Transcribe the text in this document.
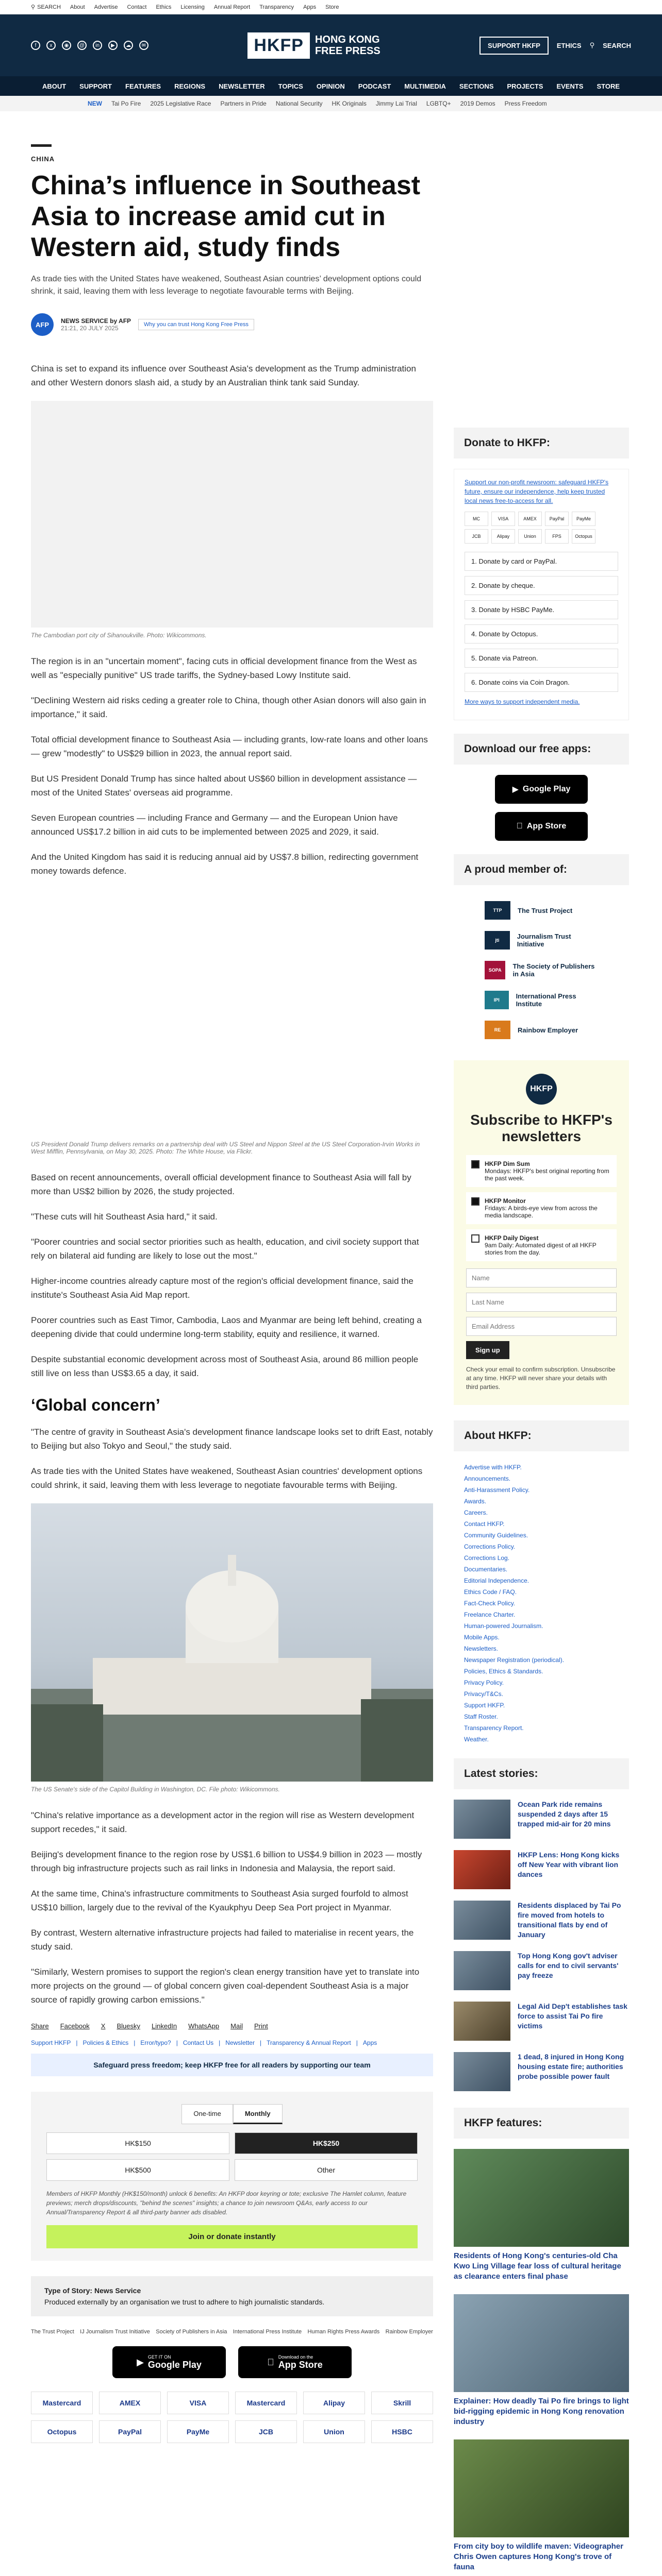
⚲ SEARCH About Advertise Contact Ethics Licensing Annual Report Transparency Apps Store
f	x	◉	@	in	▶	☁	✉	HKFP	HONG KONG
FREE PRESS	SUPPORT HKFP	ETHICS ⚲ SEARCH
ABOUT SUPPORT FEATURES REGIONS NEWSLETTER TOPICS OPINION PODCAST MULTIMEDIA SECTIONS PROJECTS EVENTS STORE
NEW Tai Po Fire 2025 Legislative Race Partners in Pride National Security HK Originals Jimmy Lai Trial LGBTQ+ 2019 Demos Press Freedom
CHINA
China’s influence in Southeast Asia to increase amid cut in Western aid, study finds
As trade ties with the United States have weakened, Southeast Asian countries’ development options could shrink, it said, leaving them with less leverage to negotiate favourable terms with Beijing.
AFP	NEWS SERVICE by AFP
21:21, 20 JULY 2025	Why you can trust Hong Kong Free Press

China is set to expand its influence over Southeast Asia's development as the Trump administration and other Western donors slash aid, a study by an Australian think tank said Sunday.

The Cambodian port city of Sihanoukville. Photo: Wikicommons.

The region is in an "uncertain moment", facing cuts in official development finance from the West as well as "especially punitive" US trade tariffs, the Sydney-based Lowy Institute said.

"Declining Western aid risks ceding a greater role to China, though other Asian donors will also gain in importance," it said.

Total official development finance to Southeast Asia — including grants, low-rate loans and other loans — grew "modestly" to US$29 billion in 2023, the annual report said.

But US President Donald Trump has since halted about US$60 billion in development assistance — most of the United States' overseas aid programme.

Seven European countries — including France and Germany — and the European Union have announced US$17.2 billion in aid cuts to be implemented between 2025 and 2029, it said.

And the United Kingdom has said it is reducing annual aid by US$7.8 billion, redirecting government money towards defence.

US President Donald Trump delivers remarks on a partnership deal with US Steel and Nippon Steel at the US Steel Corporation-Irvin Works in West Mifflin, Pennsylvania, on May 30, 2025. Photo: The White House, via Flickr.

Based on recent announcements, overall official development finance to Southeast Asia will fall by more than US$2 billion by 2026, the study projected.

"These cuts will hit Southeast Asia hard," it said.

"Poorer countries and social sector priorities such as health, education, and civil society support that rely on bilateral aid funding are likely to lose out the most."

Higher-income countries already capture most of the region's official development finance, said the institute's Southeast Asia Aid Map report.

Poorer countries such as East Timor, Cambodia, Laos and Myanmar are being left behind, creating a deepening divide that could undermine long-term stability, equity and resilience, it warned.

Despite substantial economic development across most of Southeast Asia, around 86 million people still live on less than US$3.65 a day, it said.

‘Global concern’

"The centre of gravity in Southeast Asia's development finance landscape looks set to drift East, notably to Beijing but also Tokyo and Seoul," the study said.

As trade ties with the United States have weakened, Southeast Asian countries' development options could shrink, it said, leaving them with less leverage to negotiate favourable terms with Beijing.

The US Senate's side of the Capitol Building in Washington, DC. File photo: Wikicommons.

"China's relative importance as a development actor in the region will rise as Western development support recedes," it said.

Beijing's development finance to the region rose by US$1.6 billion to US$4.9 billion in 2023 — mostly through big infrastructure projects such as rail links in Indonesia and Malaysia, the report said.

At the same time, China's infrastructure commitments to Southeast Asia surged fourfold to almost US$10 billion, largely due to the revival of the Kyaukphyu Deep Sea Port project in Myanmar.

By contrast, Western alternative infrastructure projects had failed to materialise in recent years, the study said.

"Similarly, Western promises to support the region's clean energy transition have yet to translate into more projects on the ground — of global concern given coal-dependent Southeast Asia is a major source of rapidly growing carbon emissions."

Share Facebook X Bluesky LinkedIn WhatsApp Mail Print
Support HKFP | Policies & Ethics | Error/typo? | Contact Us | Newsletter | Transparency & Annual Report | Apps
Safeguard press freedom; keep HKFP free for all readers by supporting our team
One-time	Monthly
HK$150	HK$250
HK$500	Other
Members of HKFP Monthly (HK$150/month) unlock 6 benefits: An HKFP door keyring or tote; exclusive The Hamlet column, feature previews; merch drops/discounts, "behind the scenes" insights; a chance to join newsroom Q&As, early access to our Annual/Transparency Report & all third-party banner ads disabled.
Join or donate instantly
Type of Story: News Service
Produced externally by an organisation we trust to adhere to high journalistic standards.
The Trust Project IJ Journalism Trust Initiative Society of Publishers in Asia International Press Institute Human Rights Press Awards Rainbow Employer
▶ GET IT ON
Google Play
Download on the
App Store
Mastercard	AMEX	VISA	Mastercard	Alipay	Skrill
Octopus	PayPal	PayMe	JCB	Union	HSBC
Donate to HKFP:
Support our non-profit newsroom: safeguard HKFP's future, ensure our independence, help keep trusted local news free-to-access for all.
MC	VISA	AMEX	PayPal	PayMe
JCB	Alipay	Union	FPS	Octopus
1. Donate by card or PayPal.
2. Donate by cheque.
3. Donate by HSBC PayMe.
4. Donate by Octopus.
5. Donate via Patreon.
6. Donate coins via Coin Dragon.
More ways to support independent media.
Download our free apps:
▶ Google Play
App Store
A proud member of:
TTP	The Trust Project
jti	Journalism Trust Initiative
SOPA	The Society of Publishers in Asia
IPI	International Press Institute
RE	Rainbow Employer
HKFP
Subscribe to HKFP's newsletters
HKFP Dim Sum
Mondays: HKFP's best original reporting from the past week.
HKFP Monitor
Fridays: A birds-eye view from across the media landscape.
HKFP Daily Digest
9am Daily: Automated digest of all HKFP stories from the day.
Name
Last Name
Email Address
Sign up
Check your email to confirm subscription. Unsubscribe at any time. HKFP will never share your details with third parties.
About HKFP:
Advertise with HKFP.
Announcements.
Anti-Harassment Policy.
Awards.
Careers.
Contact HKFP.
Community Guidelines.
Corrections Policy.
Corrections Log.
Documentaries.
Editorial Independence.
Ethics Code / FAQ.
Fact-Check Policy.
Freelance Charter.
Human-powered Journalism.
Mobile Apps.
Newsletters.
Newspaper Registration (periodical).
Policies, Ethics & Standards.
Privacy Policy.
Privacy/T&Cs.
Support HKFP.
Staff Roster.
Transparency Report.
Weather.
Latest stories:
Ocean Park ride remains suspended 2 days after 15 trapped mid-air for 20 mins
HKFP Lens: Hong Kong kicks off New Year with vibrant lion dances
Residents displaced by Tai Po fire moved from hotels to transitional flats by end of January
Top Hong Kong gov't adviser calls for end to civil servants' pay freeze
Legal Aid Dep't establishes task force to assist Tai Po fire victims
1 dead, 8 injured in Hong Kong housing estate fire; authorities probe possible power fault
HKFP features:
Residents of Hong Kong's centuries-old Cha Kwo Ling Village fear loss of cultural heritage as clearance enters final phase
Explainer: How deadly Tai Po fire brings to light bid-rigging epidemic in Hong Kong renovation industry
From city boy to wildlife maven: Videographer Chris Owen captures Hong Kong's trove of fauna
